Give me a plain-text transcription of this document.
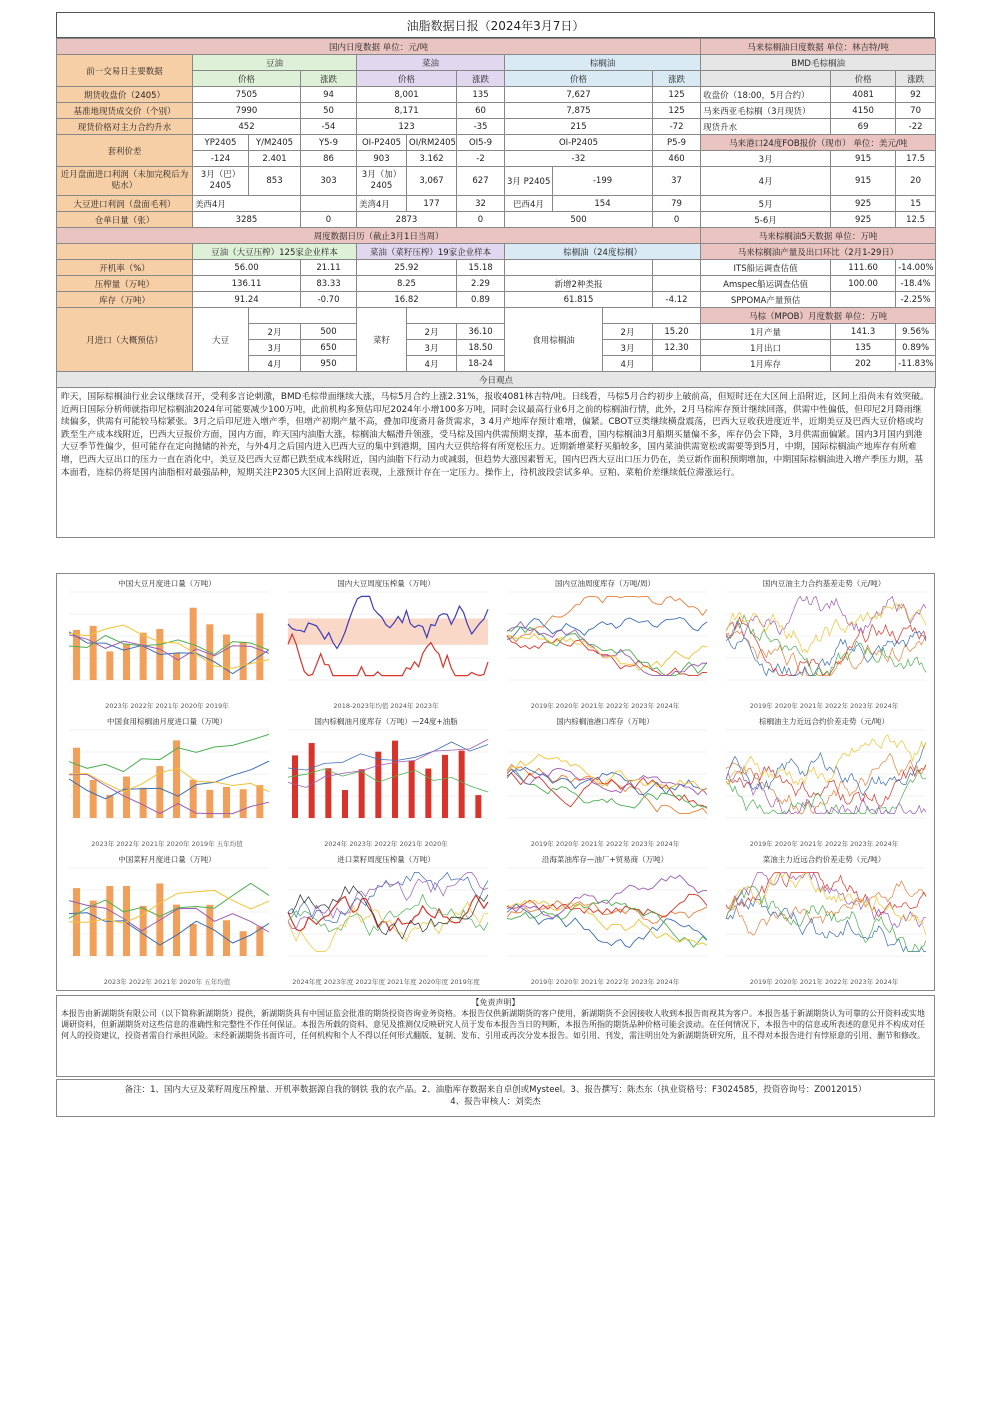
油脂数据日报（2024年3月7日）
国内日度数据 单位：元/吨											马来棕榈油日度数据 单位：林吉特/吨		
前一交易日主要数据	豆油			菜油			棕榈油				BMD毛棕榈油		
	价格		涨跌	价格		涨跌	价格			涨跌		价格	涨跌
期货收盘价（2405）	7505		94	8,001		135	7,627			125	收盘价（18:00，5月合约）	4081	92
基准地现货成交价（个别）	7990		50	8,171		60	7,875			125	马来西亚毛棕榈（3月现货）	4150	70
现货价格对主力合约升水	452		-54	123		-35	215			-72	现货升水	69	-22
套利价差	YP2405	Y/M2405	Y5-9	OI-P2405	OI/RM2405	OI5-9	OI-P2405			P5-9	马来港口24度FOB报价（现市） 单位：美元/吨		
	-124	2.401	86	903	3.162	-2	-32			460	3月	915	17.5
近月盘面进口利润（未加完税后为贴水）	3月（巴）2405	853	303	3月（加）2405	3,067	627	3月 P2405	-199		37	4月	915	20
大豆进口利润（盘面毛利）	美西4月			美湾4月	177	32	巴西4月	154		79	5月	925	15
仓单日量（张）	3285		0	2873		0	500			0	5-6月	925	12.5
周度数据日历（截止3月1日当周）											马来棕榈油5天数据 单位：万吨		
	豆油（大豆压榨）125家企业样本			菜油（菜籽压榨）19家企业样本			棕榈油（24度棕榈）				马来棕榈油产量及出口环比（2月1-29日）		
开机率（%）	56.00		21.11	25.92		15.18					ITS船运调查估值	111.60	-14.00%
压榨量（万吨）	136.11		83.33	8.25		2.29	新增2种类报				Amspec船运调查估值	100.00	-18.4%
库存（万吨）	91.24		-0.70	16.82		0.89	61.815			-4.12	SPPOMA产量预估		-2.25%
月进口（大概预估）	大豆			菜籽			食用棕榈油				马棕（MPOB）月度数据 单位：万吨		
		2月	500		2月	36.10			2月	15.20	1月产量	141.3	9.56%
		3月	650		3月	18.50			3月	12.30	1月出口	135	0.89%
		4月	950		4月	18-24			4月		1月库存	202	-11.83%
今日观点													
昨天，国际棕榈油行业会议继续召开，受利多言论刺激，BMD毛棕带面继续大涨，马棕5月合约上涨2.31%，报收4081林吉特/吨。日线看，马棕5月合约初步上破前高，但短时还在大区间上沿附近，区间上沿尚未有效突破。近两日国际分析师就指印尼棕榈油2024年可能要减少100万吨，此前机构多预估印尼2024年小增100多万吨，同时会议最高行业6月之前的棕榈油行情，此外，2月马棕库存预计继续回落，供需中性偏低，但印尼2月降雨继续偏多，供需有可能较马棕紧张。3月之后印尼进入增产季，但增产初期产量不高，叠加印度斋月备货需求，3 4月产地库存预计难增，偏紧。CBOT豆类继续横盘震荡，巴西大豆收获进度近半，近期美豆及巴西大豆价格或均跌至生产成本线附近，巴西大豆报价方面，国内方面，昨天国内油脂大涨，棕榈油大幅滑升领涨，受马棕及国内供需预期支撑，基本面看，国内棕榈油3月船期买量偏不多，库存仍会下降，3月供需面偏紧。国内3月国内到港大豆季节性偏少，但可能存在定向抛储的补充，与外4月之后国内进入巴西大豆的集中到港期，国内大豆供给将有所宽松压力。近期新增菜籽买船较多，国内菜油供需宽松或需要等到5月，中期，国际棕榈油产地库存有所难增，巴西大豆出口的压力一直在消化中，美豆及巴西大豆都已跌至成本线附近，国内油脂下行动力或减弱，但趋势大涨因素暂无，国内巴西大豆出口压力仍在，美豆新作面积预期增加，中期国际棕榈油进入增产季压力期，基本面看，连棕仍将是国内油脂相对最强品种，短期关注P2305大区间上沿附近表现，上涨预计存在一定压力。操作上，待机波段尝试多单。豆粕、菜粕价差继续低位滞涨运行。
中国大豆月度进口量（万吨）
2023年 2022年 2021年 2020年 2019年
国内大豆周度压榨量（万吨）
2018-2023年均值 2024年 2023年
国内豆油周度库存（万吨/周）
2019年 2020年 2021年 2022年 2023年 2024年
国内豆油主力合约基差走势（元/吨）
2019年 2020年 2021年 2022年 2023年 2024年
中国食用棕榈油月度进口量（万吨）
2023年 2022年 2021年 2020年 2019年 五年均值
国内棕榈油月度库存（万吨）—24度+油脂
2024年 2023年 2022年 2021年 2020年
国内棕榈油港口库存（万吨）
2019年 2020年 2021年 2022年 2023年 2024年
棕榈油主力近远合约价差走势（元/吨）
2019年 2020年 2021年 2022年 2023年 2024年
中国菜籽月度进口量（万吨）
2023年 2022年 2021年 2020年 五年均值
进口菜籽周度压榨量（万吨）
2024年度 2023年度 2022年度 2021年度 2020年度 2019年度
沿海菜油库存—油厂+贸易商（万吨）
2019年 2020年 2021年 2022年 2023年 2024年
菜油主力近远合约价差走势（元/吨）
2019年 2020年 2021年 2022年 2023年 2024年
【免责声明】
本报告由新湖期货有限公司（以下简称新湖期货）提供，新湖期货具有中国证监会批准的期货投资咨询业务资格。本报告仅供新湖期货的客户使用，新湖期货不会因接收人收到本报告而视其为客户。本报告基于新湖期货认为可靠的公开资料或实地调研资料，但新湖期货对这些信息的准确性和完整性不作任何保证。本报告所载的资料、意见及推测仅反映研究人员于发布本报告当日的判断，本报告所指的期货品种价格可能会波动。在任何情况下，本报告中的信息或所表述的意见并不构成对任何人的投资建议，投资者需自行承担风险。未经新湖期货书面许可，任何机构和个人不得以任何形式翻版、复制、发布、引用或再次分发本报告。如引用、刊发，需注明出处为新湖期货研究所，且不得对本报告进行有悖原意的引用、删节和修改。
备注：1、国内大豆及菜籽周度压榨量、开机率数据源自我的钢铁 我的农产品。2、油脂库存数据来自卓创或Mysteel。3、报告撰写：陈杰东（执业资格号：F3024585，投资咨询号：Z0012015）
4、报告审核人：刘奕杰
